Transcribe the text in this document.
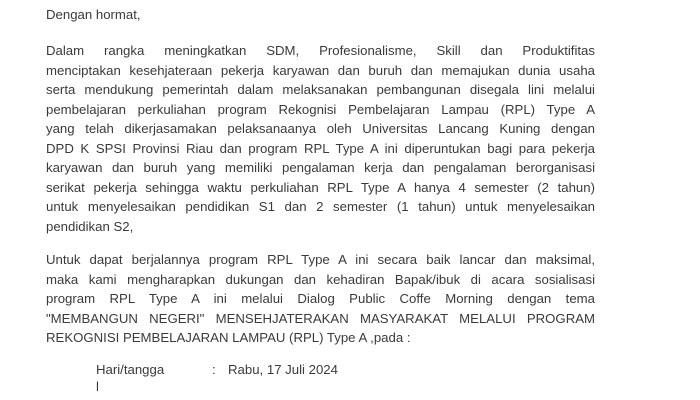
Dengan hormat,
Dalam rangka meningkatkan SDM, Profesionalisme, Skill dan Produktifitas
menciptakan kesehjateraan pekerja karyawan dan buruh dan memajukan dunia usaha
serta mendukung pemerintah dalam melaksanakan pembangunan disegala lini melalui
pembelajaran perkuliahan program Rekognisi Pembelajaran Lampau (RPL) Type A
yang telah dikerjasamakan pelaksanaanya oleh Universitas Lancang Kuning dengan
DPD K SPSI Provinsi Riau dan program RPL Type A ini diperuntukan bagi para pekerja
karyawan dan buruh yang memiliki pengalaman kerja dan pengalaman berorganisasi
serikat pekerja sehingga waktu perkuliahan RPL Type A hanya 4 semester (2 tahun)
untuk menyelesaikan pendidikan S1 dan 2 semester (1 tahun) untuk menyelesaikan
pendidikan S2,
Untuk dapat berjalannya program RPL Type A ini secara baik lancar dan maksimal,
maka kami mengharapkan dukungan dan kehadiran Bapak/ibuk di acara sosialisasi
program RPL Type A ini melalui Dialog Public Coffe Morning dengan tema
"MEMBANGUN NEGERI" MENSEHJATERAKAN MASYARAKAT MELALUI PROGRAM
REKOGNISI PEMBELAJARAN LAMPAU (RPL) Type A ,pada :
Hari/tangga	: Rabu, 17 Juli 2024
l
